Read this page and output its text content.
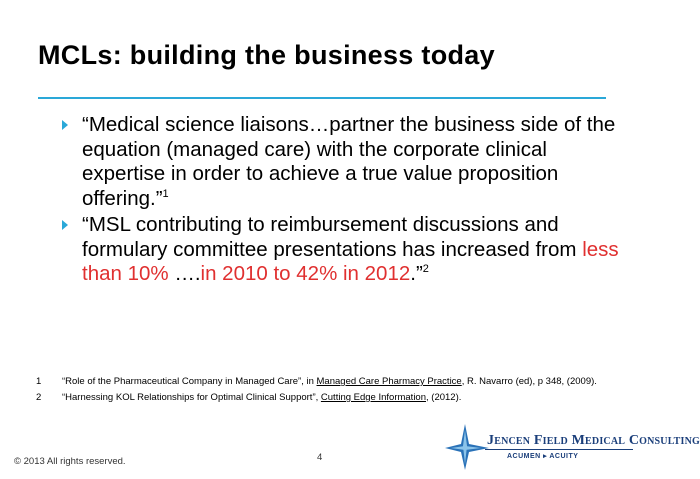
MCLs: building the business today
“Medical science liaisons…partner the business side of the equation (managed care) with the corporate clinical expertise in order to achieve a true value proposition offering.”$^1$
“MSL contributing to reimbursement discussions and formulary committee presentations has increased from less than 10% ….in 2010 to 42% in 2012.”$^2$
1 “Role of the Pharmaceutical Company in Managed Care”, in Managed Care Pharmacy Practice, R. Navarro (ed), p 348, (2009).
2 “Harnessing KOL Relationships for Optimal Clinical Support”, Cutting Edge Information, (2012).
© 2013 All rights reserved.	4
Jencen Field Medical Consulting
ACUMEN ▸ ACUITY
